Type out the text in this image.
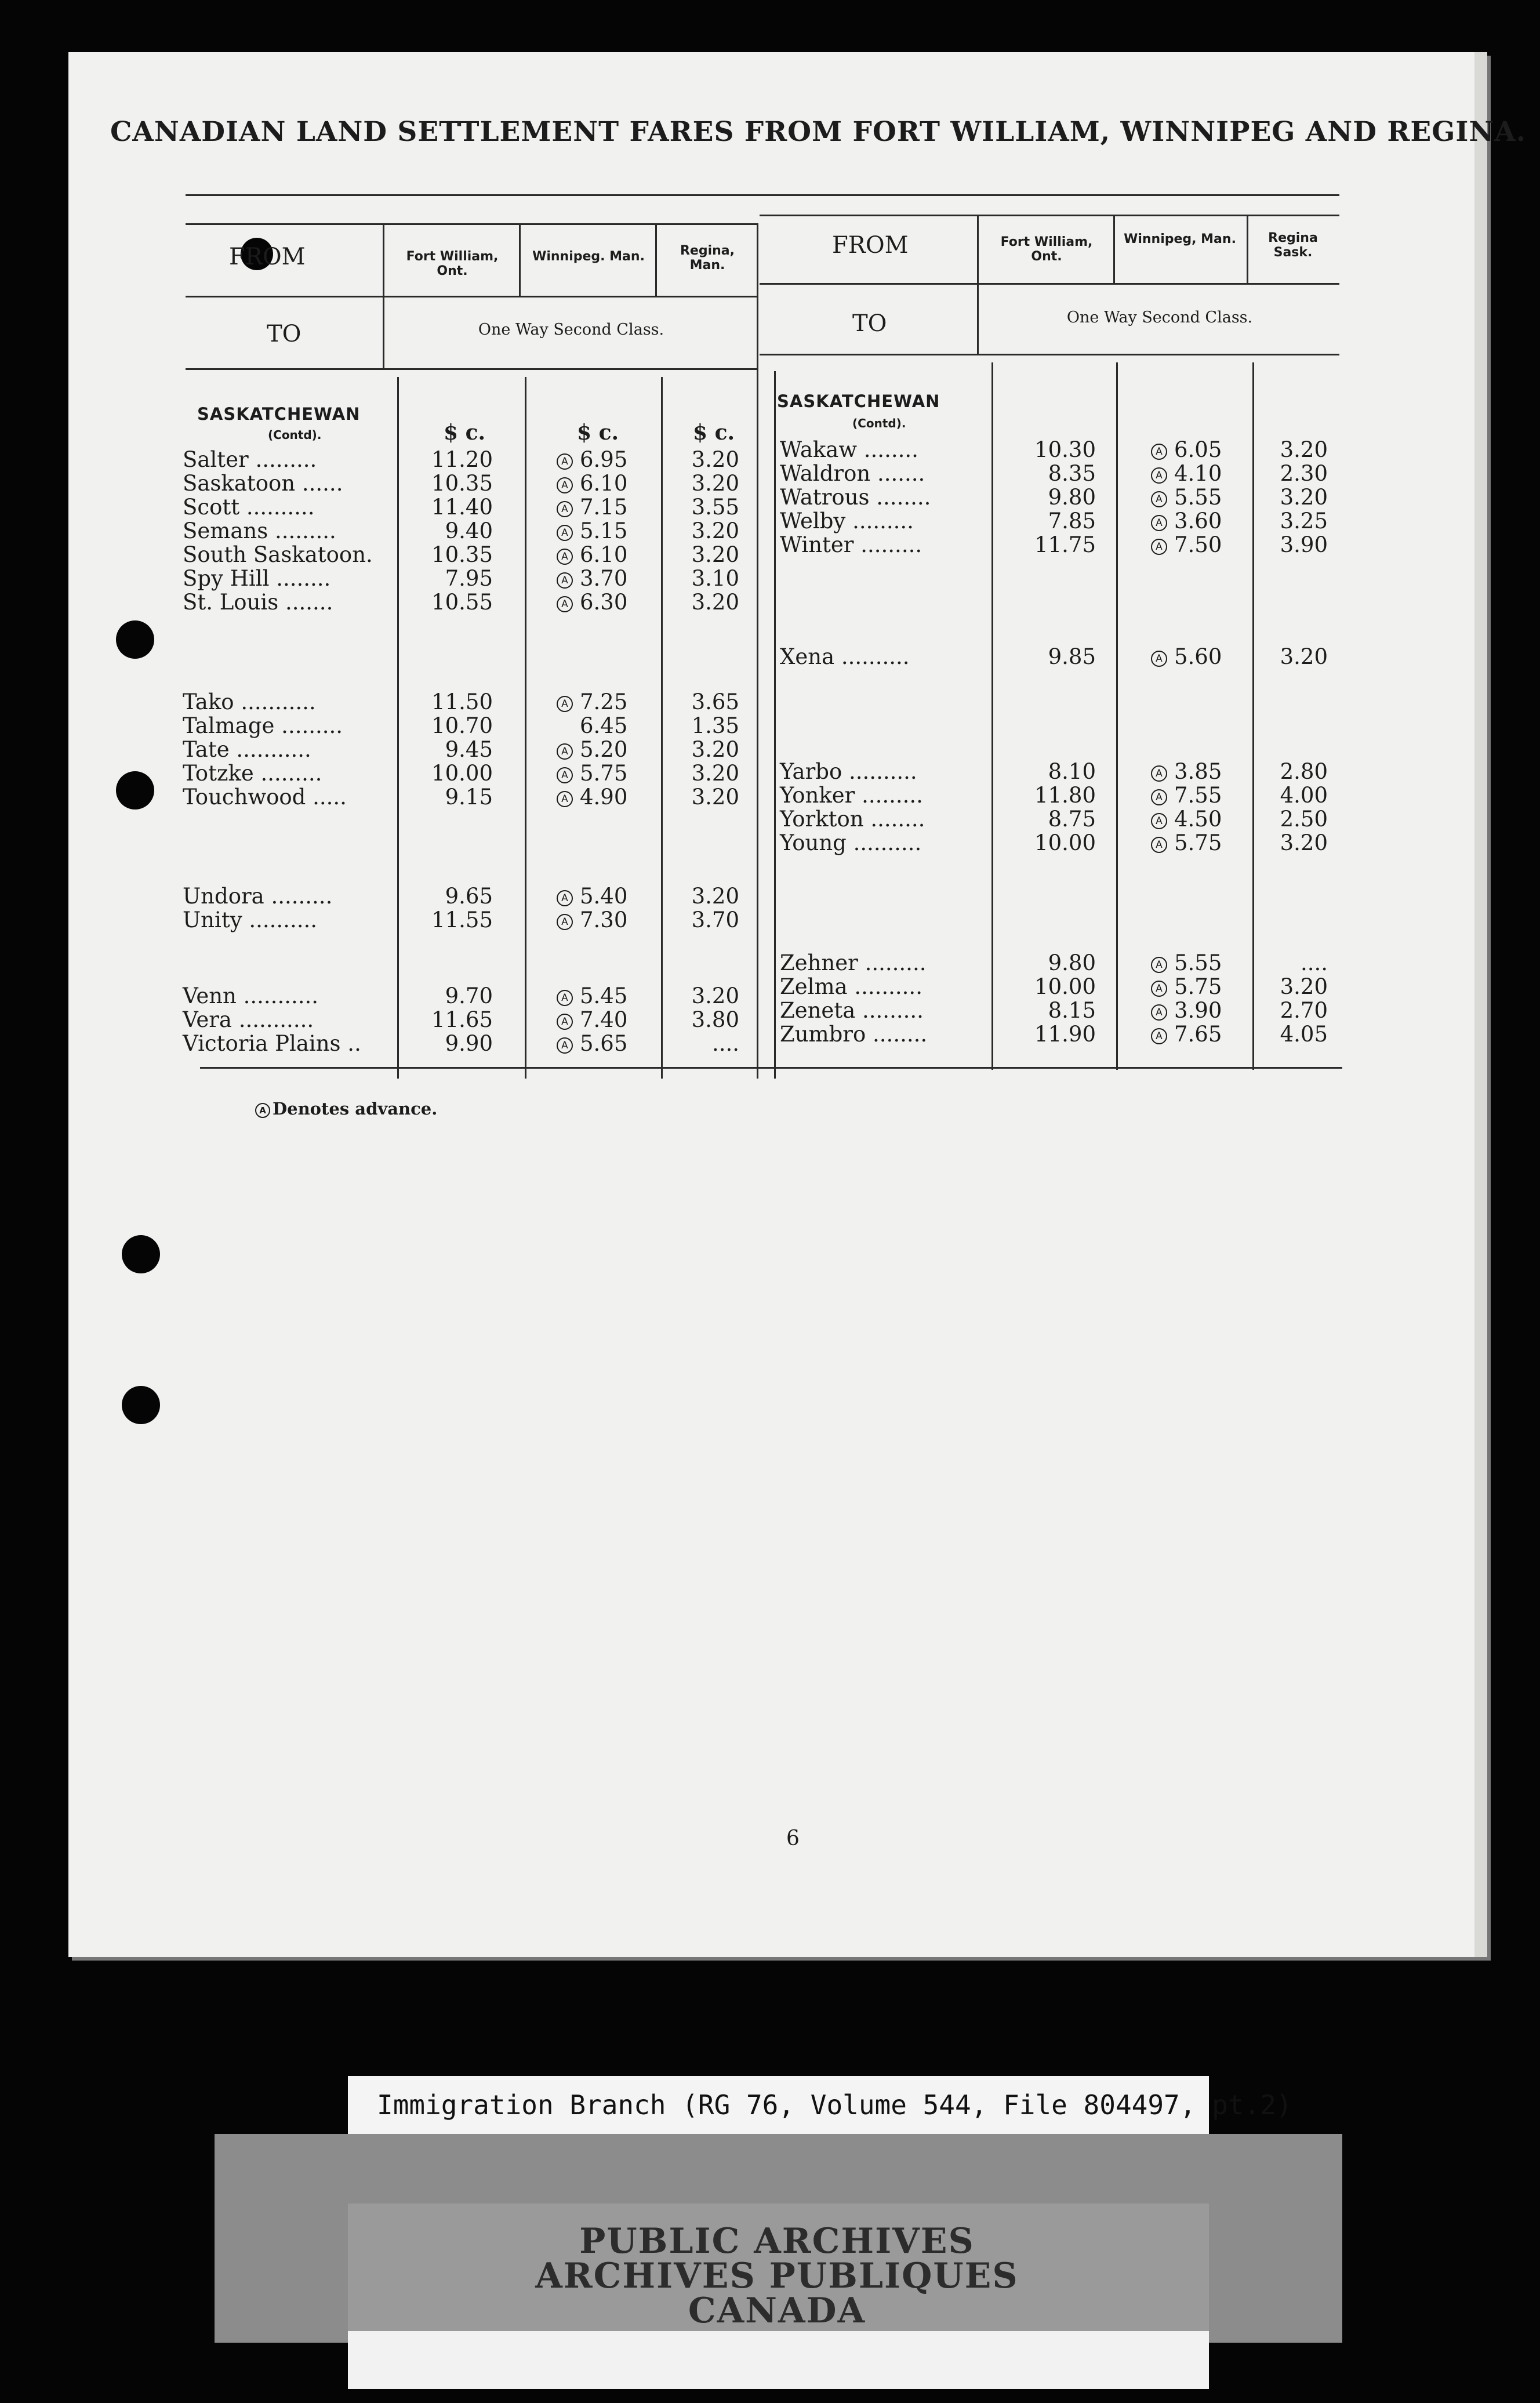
CANADIAN LAND SETTLEMENT FARES FROM FORT WILLIAM, WINNIPEG AND REGINA.
FROM	Fort William, Ont.
Winnipeg. Man.	Regina, Man.
TO	One Way Second Class.
SASKATCHEWAN
(Contd).	$ c.	$ c.	$ c.
Salter .........	11.20	A 6.95	3.20
Saskatoon ......	10.35	A 6.10	3.20
Scott ..........	11.40	A 7.15	3.55
Semans .........	9.40	A 5.15	3.20
South Saskatoon.	10.35	A 6.10	3.20
Spy Hill ........	7.95	A 3.70	3.10
St. Louis .......	10.55	A 6.30	3.20
Tako ...........	11.50	A 7.25	3.65
Talmage .........	10.70	6.45	1.35
Tate ...........	9.45	A 5.20	3.20
Totzke .........	10.00	A 5.75	3.20
Touchwood .....	9.15	A 4.90	3.20
Undora .........	9.65	A 5.40	3.20
Unity ..........	11.55	A 7.30	3.70
Venn ...........	9.70	A 5.45	3.20
Vera ...........	11.65	A 7.40	3.80
Victoria Plains ..	9.90	A 5.65	....
FROM	Fort William, Ont.
Winnipeg, Man.	Regina Sask.
TO	One Way Second Class.
SASKATCHEWAN
(Contd).
Wakaw ........	10.30	A 6.05	3.20
Waldron .......	8.35	A 4.10	2.30
Watrous ........	9.80	A 5.55	3.20
Welby .........	7.85	A 3.60	3.25
Winter .........	11.75	A 7.50	3.90
Xena ..........	9.85	A 5.60	3.20
Yarbo ..........	8.10	A 3.85	2.80
Yonker .........	11.80	A 7.55	4.00
Yorkton ........	8.75	A 4.50	2.50
Young ..........	10.00	A 5.75	3.20
Zehner .........	9.80	A 5.55	....
Zelma ..........	10.00	A 5.75	3.20
Zeneta .........	8.15	A 3.90	2.70
Zumbro ........	11.90	A 7.65	4.05
A Denotes advance.
6
Immigration Branch (RG 76, Volume 544, File 804497, pt.2)
PUBLIC ARCHIVES
ARCHIVES PUBLIQUES
CANADA
